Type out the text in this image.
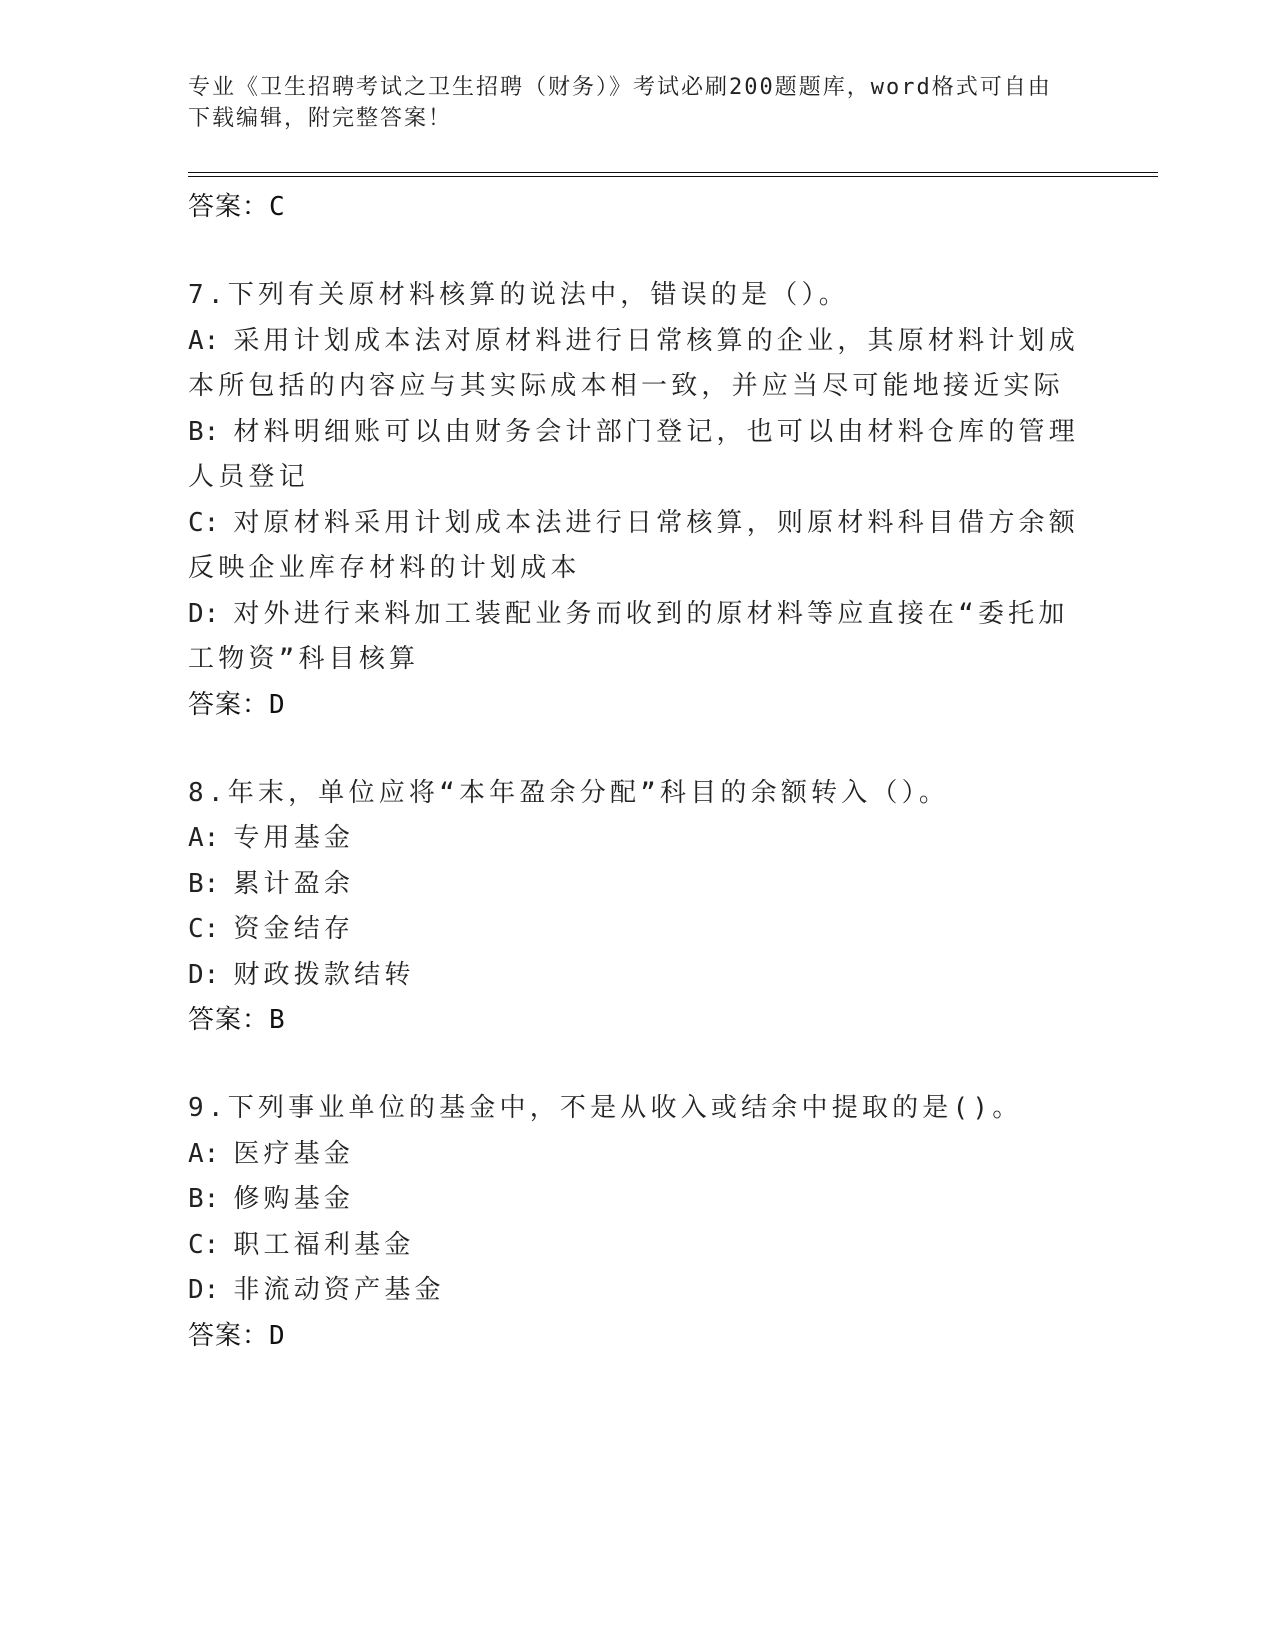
专业《卫生招聘考试之卫生招聘（财务）》考试必刷200题题库，word格式可自由下载编辑，附完整答案！
答案：C
7.下列有关原材料核算的说法中，错误的是（）。
A: 采用计划成本法对原材料进行日常核算的企业，其原材料计划成本所包括的内容应与其实际成本相一致，并应当尽可能地接近实际
B: 材料明细账可以由财务会计部门登记，也可以由材料仓库的管理人员登记
C: 对原材料采用计划成本法进行日常核算，则原材料科目借方余额反映企业库存材料的计划成本
D: 对外进行来料加工装配业务而收到的原材料等应直接在“委托加工物资”科目核算
答案：D
8.年末，单位应将“本年盈余分配”科目的余额转入（）。
A: 专用基金
B: 累计盈余
C: 资金结存
D: 财政拨款结转
答案：B
9.下列事业单位的基金中，不是从收入或结余中提取的是()。
A: 医疗基金
B: 修购基金
C: 职工福利基金
D: 非流动资产基金
答案：D
